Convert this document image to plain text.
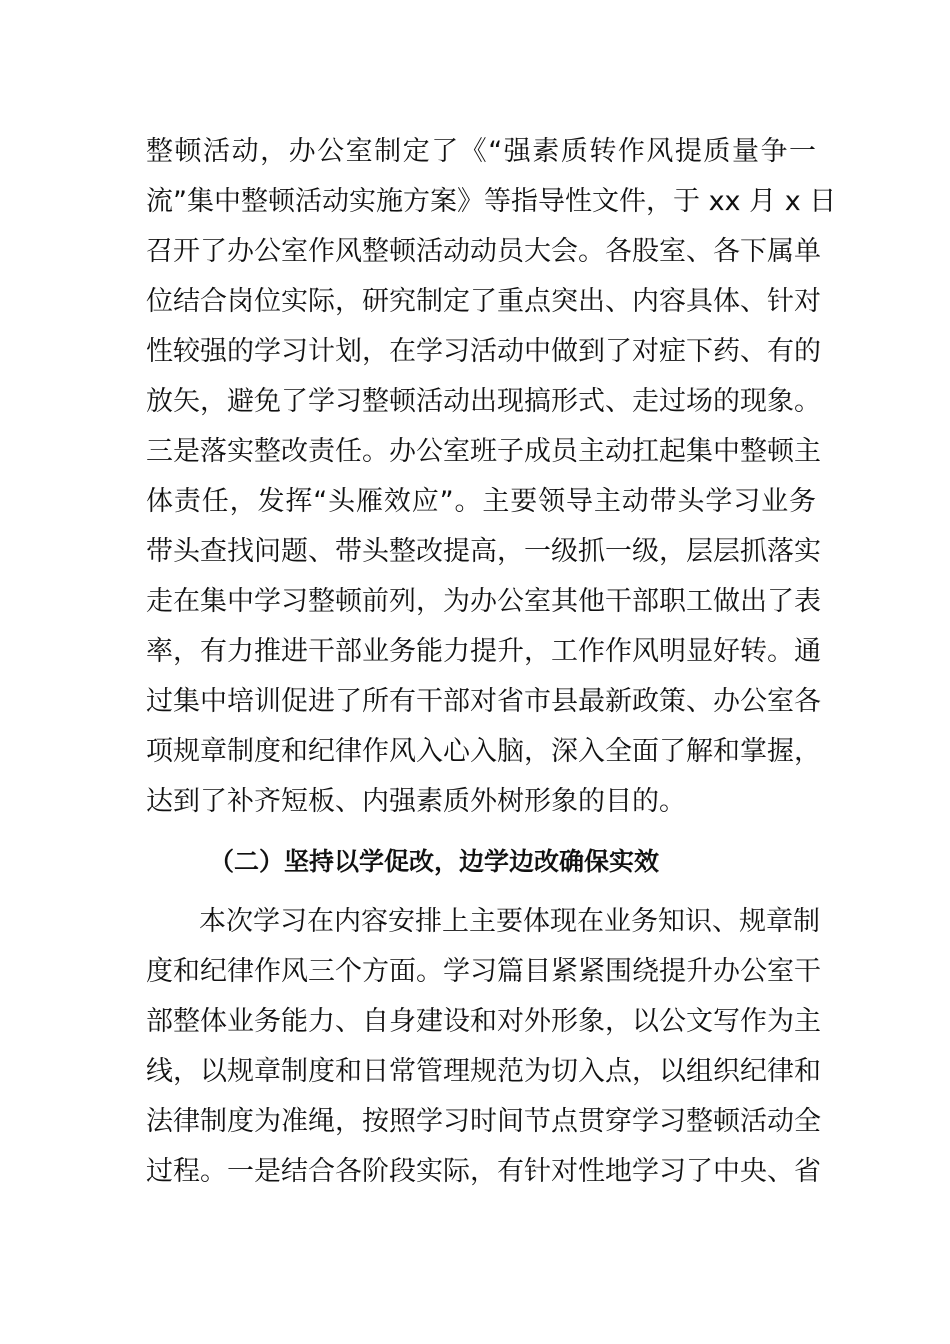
整顿活动，办公室制定了《“强素质转作风提质量争一
流”集中整顿活动实施方案》等指导性文件，于 xx 月 x 日
召开了办公室作风整顿活动动员大会。各股室、各下属单
位结合岗位实际，研究制定了重点突出、内容具体、针对
性较强的学习计划，在学习活动中做到了对症下药、有的
放矢，避免了学习整顿活动出现搞形式、走过场的现象。
三是落实整改责任。办公室班子成员主动扛起集中整顿主
体责任，发挥“头雁效应”。主要领导主动带头学习业务
带头查找问题、带头整改提高，一级抓一级，层层抓落实
走在集中学习整顿前列，为办公室其他干部职工做出了表
率，有力推进干部业务能力提升，工作作风明显好转。通
过集中培训促进了所有干部对省市县最新政策、办公室各
项规章制度和纪律作风入心入脑，深入全面了解和掌握，
达到了补齐短板、内强素质外树形象的目的。
（二）坚持以学促改，边学边改确保实效
本次学习在内容安排上主要体现在业务知识、规章制
度和纪律作风三个方面。学习篇目紧紧围绕提升办公室干
部整体业务能力、自身建设和对外形象，以公文写作为主
线，以规章制度和日常管理规范为切入点，以组织纪律和
法律制度为准绳，按照学习时间节点贯穿学习整顿活动全
过程。一是结合各阶段实际，有针对性地学习了中央、省
